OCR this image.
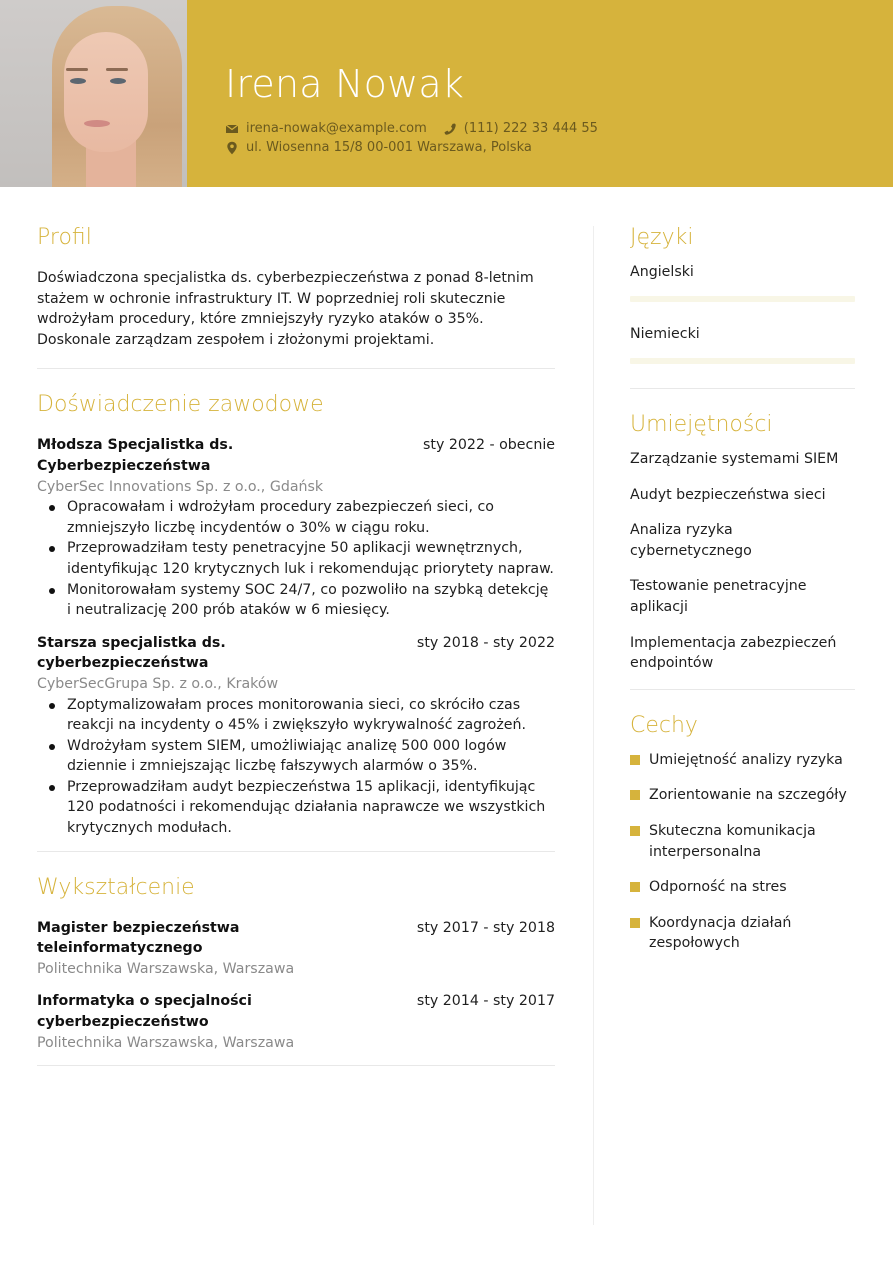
Irena Nowak
irena-nowak@example.com	(111) 222 33 444 55
ul. Wiosenna 15/8 00-001 Warszawa, Polska
Profil

Doświadczona specjalistka ds. cyberbezpieczeństwa z ponad 8-letnim stażem w ochronie infrastruktury IT. W poprzedniej roli skutecznie wdrożyłam procedury, które zmniejszyły ryzyko ataków o 35%. Doskonale zarządzam zespołem i złożonymi projektami.

Doświadczenie zawodowe
Młodsza Specjalistka ds. Cyberbezpieczeństwa
sty 2022 - obecnie
CyberSec Innovations Sp. z o.o., Gdańsk
Opracowałam i wdrożyłam procedury zabezpieczeń sieci, co zmniejszyło liczbę incydentów o 30% w ciągu roku.
Przeprowadziłam testy penetracyjne 50 aplikacji wewnętrznych, identyfikując 120 krytycznych luk i rekomendując priorytety napraw.
Monitorowałam systemy SOC 24/7, co pozwoliło na szybką detekcję i neutralizację 200 prób ataków w 6 miesięcy.
Starsza specjalistka ds. cyberbezpieczeństwa
sty 2018 - sty 2022
CyberSecGrupa Sp. z o.o., Kraków
Zoptymalizowałam proces monitorowania sieci, co skróciło czas reakcji na incydenty o 45% i zwiększyło wykrywalność zagrożeń.
Wdrożyłam system SIEM, umożliwiając analizę 500 000 logów dziennie i zmniejszając liczbę fałszywych alarmów o 35%.
Przeprowadziłam audyt bezpieczeństwa 15 aplikacji, identyfikując 120 podatności i rekomendując działania naprawcze we wszystkich krytycznych modułach.
Wykształcenie
Magister bezpieczeństwa teleinformatycznego
sty 2017 - sty 2018
Politechnika Warszawska, Warszawa
Informatyka o specjalności cyberbezpieczeństwo
sty 2014 - sty 2017
Politechnika Warszawska, Warszawa
Języki
Angielski
Niemiecki
Umiejętności
Zarządzanie systemami SIEM
Audyt bezpieczeństwa sieci
Analiza ryzyka cybernetycznego
Testowanie penetracyjne aplikacji
Implementacja zabezpieczeń endpointów
Cechy
Umiejętność analizy ryzyka
Zorientowanie na szczegóły
Skuteczna komunikacja interpersonalna
Odporność na stres
Koordynacja działań zespołowych
